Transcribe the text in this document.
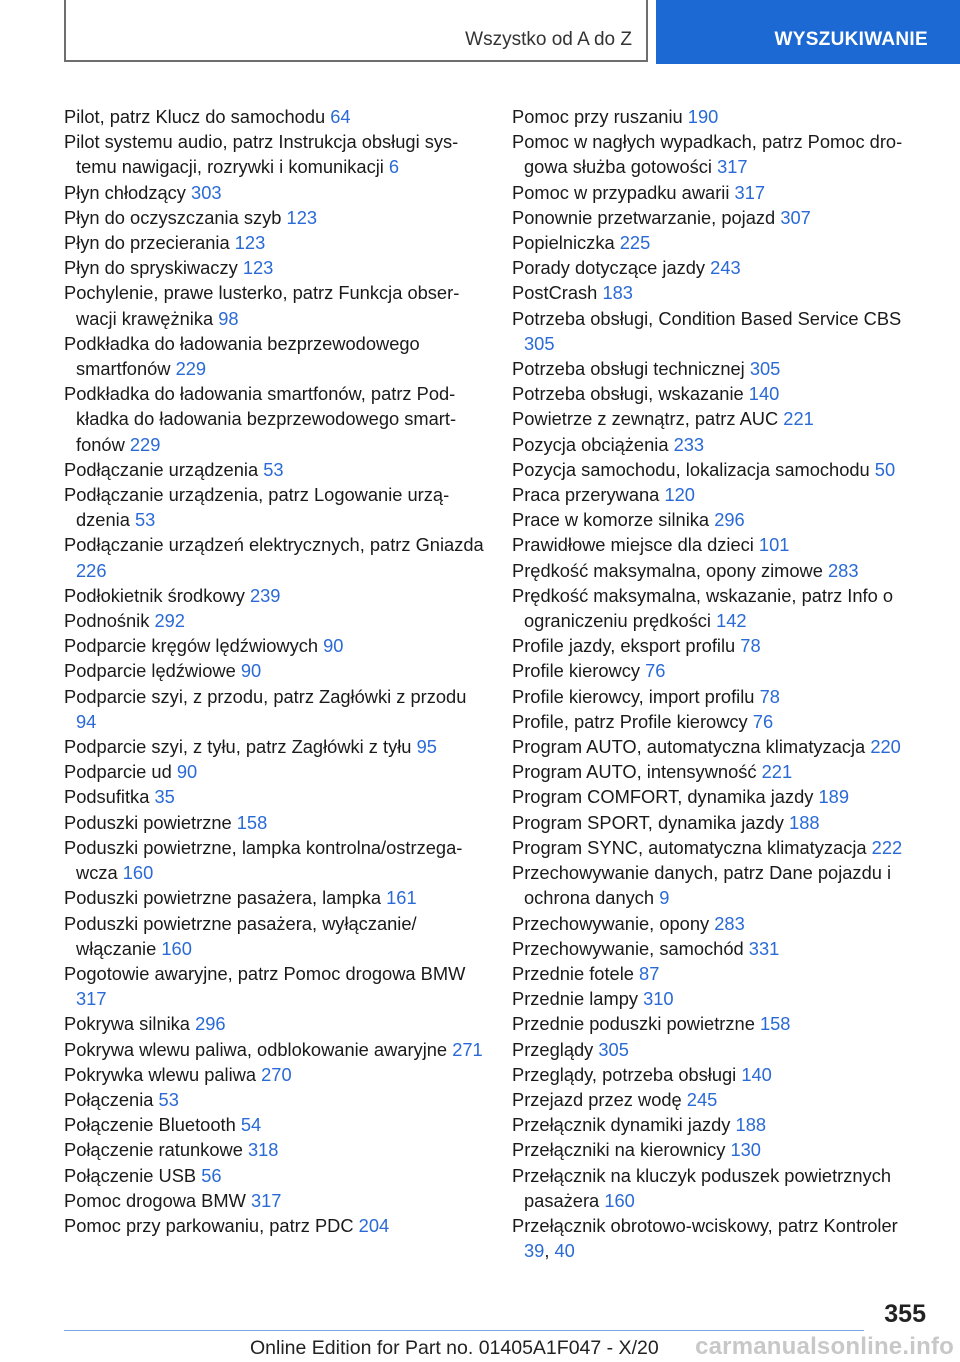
Wszystko od A do Z	WYSZUKIWANIE

Pilot, patrz Klucz do samochodu 64

Pilot systemu audio, patrz Instrukcja obsługi systemu nawigacji, rozrywki i komunikacji 6

Płyn chłodzący 303

Płyn do oczyszczania szyb 123

Płyn do przecierania 123

Płyn do spryskiwaczy 123

Pochylenie, prawe lusterko, patrz Funkcja obserwacji krawężnika 98

Podkładka do ładowania bezprzewodowego smartfonów 229

Podkładka do ładowania smartfonów, patrz Podkładka do ładowania bezprzewodowego smartfonów 229

Podłączanie urządzenia 53

Podłączanie urządzenia, patrz Logowanie urządzenia 53

Podłączanie urządzeń elektrycznych, patrz Gniazda 226

Podłokietnik środkowy 239

Podnośnik 292

Podparcie kręgów lędźwiowych 90

Podparcie lędźwiowe 90

Podparcie szyi, z przodu, patrz Zagłówki z przodu 94

Podparcie szyi, z tyłu, patrz Zagłówki z tyłu 95

Podparcie ud 90

Podsufitka 35

Poduszki powietrzne 158

Poduszki powietrzne, lampka kontrolna/ostrzegawcza 160

Poduszki powietrzne pasażera, lampka 161

Poduszki powietrzne pasażera, wyłączanie/ włączanie 160

Pogotowie awaryjne, patrz Pomoc drogowa BMW 317

Pokrywa silnika 296

Pokrywa wlewu paliwa, odblokowanie awaryjne 271

Pokrywka wlewu paliwa 270

Połączenia 53

Połączenie Bluetooth 54

Połączenie ratunkowe 318

Połączenie USB 56

Pomoc drogowa BMW 317

Pomoc przy parkowaniu, patrz PDC 204

Pomoc przy ruszaniu 190

Pomoc w nagłych wypadkach, patrz Pomoc drogowa służba gotowości 317

Pomoc w przypadku awarii 317

Ponownie przetwarzanie, pojazd 307

Popielniczka 225

Porady dotyczące jazdy 243

PostCrash 183

Potrzeba obsługi, Condition Based Service CBS 305

Potrzeba obsługi technicznej 305

Potrzeba obsługi, wskazanie 140

Powietrze z zewnątrz, patrz AUC 221

Pozycja obciążenia 233

Pozycja samochodu, lokalizacja samochodu 50

Praca przerywana 120

Prace w komorze silnika 296

Prawidłowe miejsce dla dzieci 101

Prędkość maksymalna, opony zimowe 283

Prędkość maksymalna, wskazanie, patrz Info o ograniczeniu prędkości 142

Profile jazdy, eksport profilu 78

Profile kierowcy 76

Profile kierowcy, import profilu 78

Profile, patrz Profile kierowcy 76

Program AUTO, automatyczna klimatyzacja 220

Program AUTO, intensywność 221

Program COMFORT, dynamika jazdy 189

Program SPORT, dynamika jazdy 188

Program SYNC, automatyczna klimatyzacja 222

Przechowywanie danych, patrz Dane pojazdu i ochrona danych 9

Przechowywanie, opony 283

Przechowywanie, samochód 331

Przednie fotele 87

Przednie lampy 310

Przednie poduszki powietrzne 158

Przeglądy 305

Przeglądy, potrzeba obsługi 140

Przejazd przez wodę 245

Przełącznik dynamiki jazdy 188

Przełączniki na kierownicy 130

Przełącznik na kluczyk poduszek powietrznych pasażera 160

Przełącznik obrotowo-wciskowy, patrz Kontroler 39, 40

355
Online Edition for Part no. 01405A1F047 - X/20 carmanualsonline.info
